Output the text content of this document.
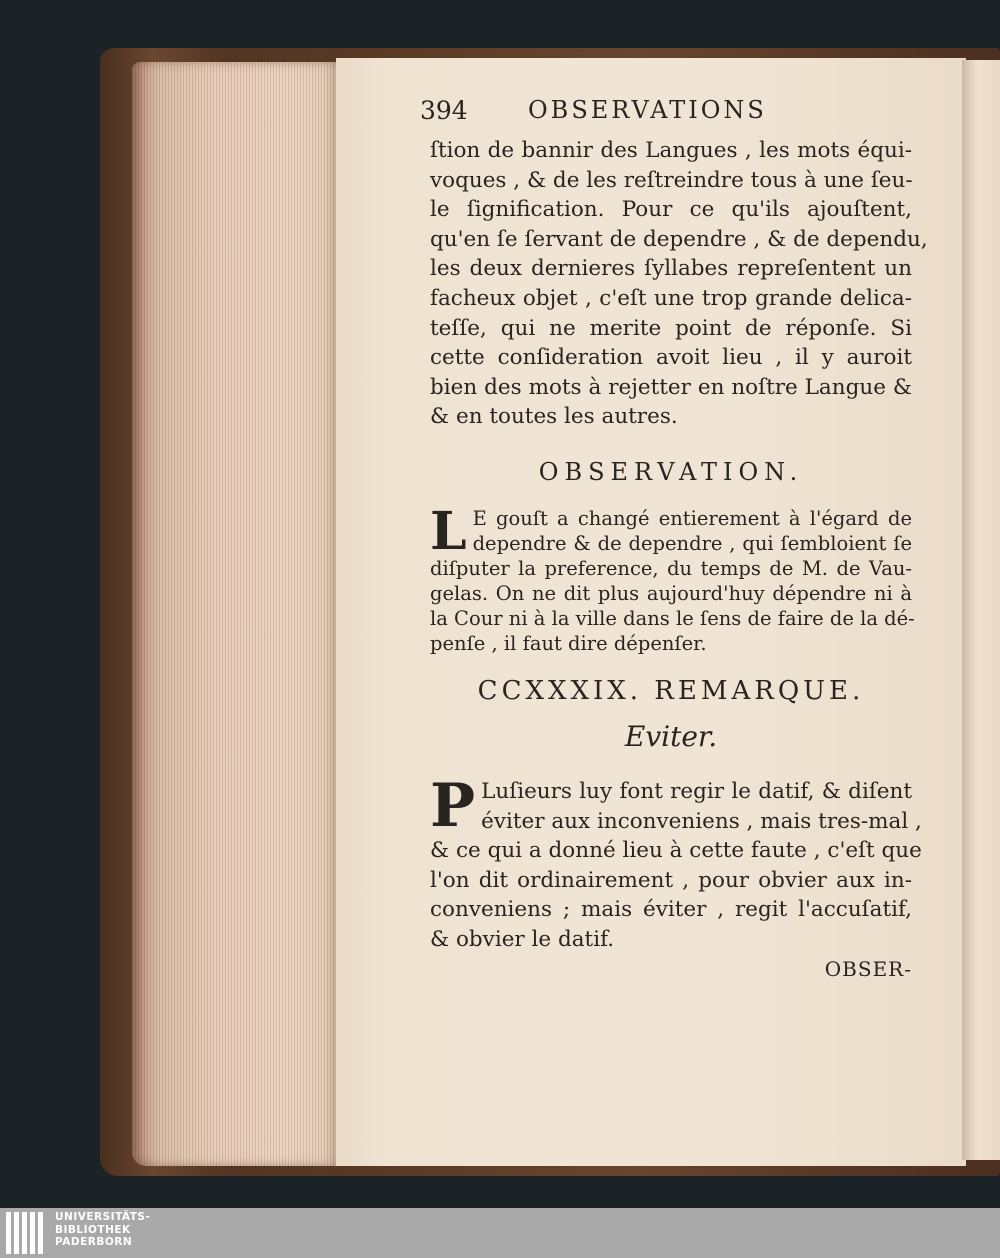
394	OBSERVATIONS

ſtion de bannir des Langues , les mots équi-
voques , & de les reſtreindre tous à une ſeu-
le ſignification. Pour ce qu'ils ajouſtent,
qu'en ſe ſervant de dependre , & de dependu,
les deux dernieres ſyllabes repreſentent un
facheux objet , c'eſt une trop grande delica-
teſſe, qui ne merite point de réponſe. Si
cette conſideration avoit lieu , il y auroit
bien des mots à rejetter en noſtre Langue &
& en toutes les autres.

OBSERVATION.

L E gouſt a changé entierement à l'égard de
dependre & de dependre , qui ſembloient ſe
diſputer la preference, du temps de M. de Vau-
gelas. On ne dit plus aujourd'huy dépendre ni à
la Cour ni à la ville dans le ſens de faire de la dé-
penſe , il faut dire dépenſer.

CCXXXIX. REMARQUE.
Eviter.

P Luſieurs luy font regir le datif, & diſent
éviter aux inconveniens , mais tres-mal ,
& ce qui a donné lieu à cette faute , c'eſt que
l'on dit ordinairement , pour obvier aux in-
conveniens ; mais éviter , regit l'accuſatif,
& obvier le datif.

OBSER-
UNIVERSITÄTS-
BIBLIOTHEK
PADERBORN
